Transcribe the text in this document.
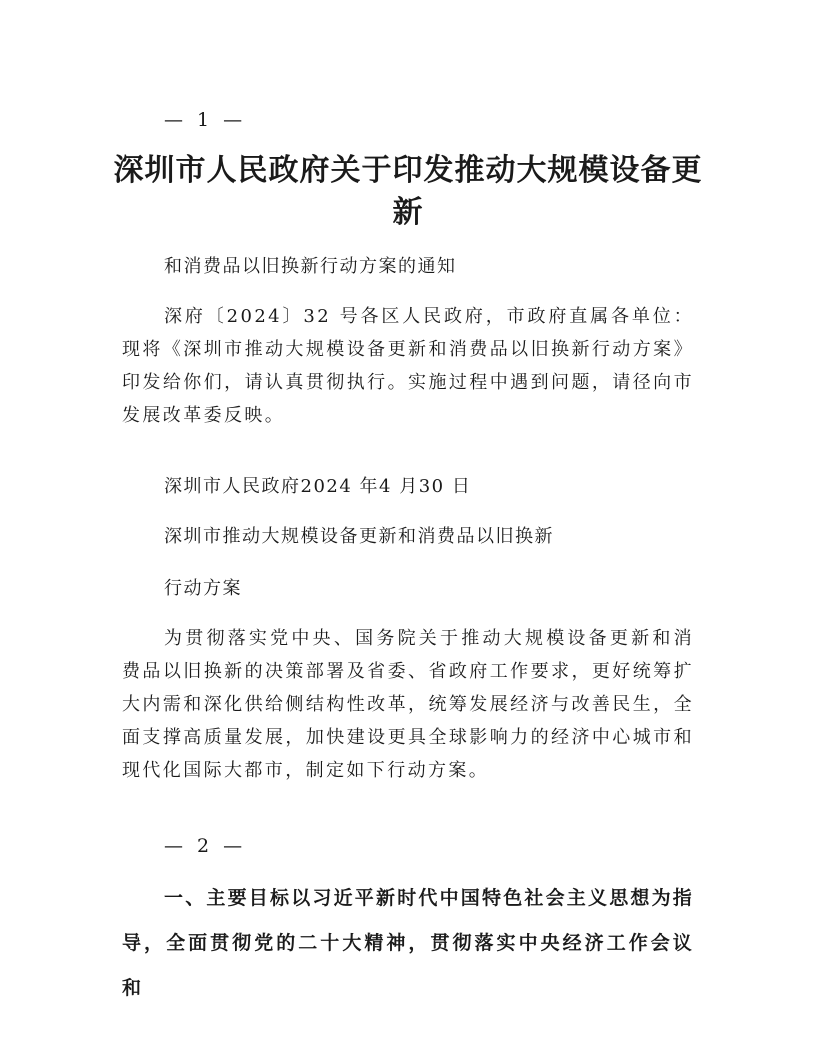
— 1 —
深圳市人民政府关于印发推动大规模设备更
新
和消费品以旧换新行动方案的通知

深府〔2024〕32 号各区人民政府，市政府直属各单位：现将《深圳市推动大规模设备更新和消费品以旧换新行动方案》印发给你们，请认真贯彻执行。实施过程中遇到问题，请径向市发展改革委反映。

深圳市人民政府2024 年4 月30 日
深圳市推动大规模设备更新和消费品以旧换新
行动方案

为贯彻落实党中央、国务院关于推动大规模设备更新和消费品以旧换新的决策部署及省委、省政府工作要求，更好统筹扩大内需和深化供给侧结构性改革，统筹发展经济与改善民生，全面支撑高质量发展，加快建设更具全球影响力的经济中心城市和现代化国际大都市，制定如下行动方案。

— 2 —

一、主要目标以习近平新时代中国特色社会主义思想为指导，全面贯彻党的二十大精神，贯彻落实中央经济工作会议和
